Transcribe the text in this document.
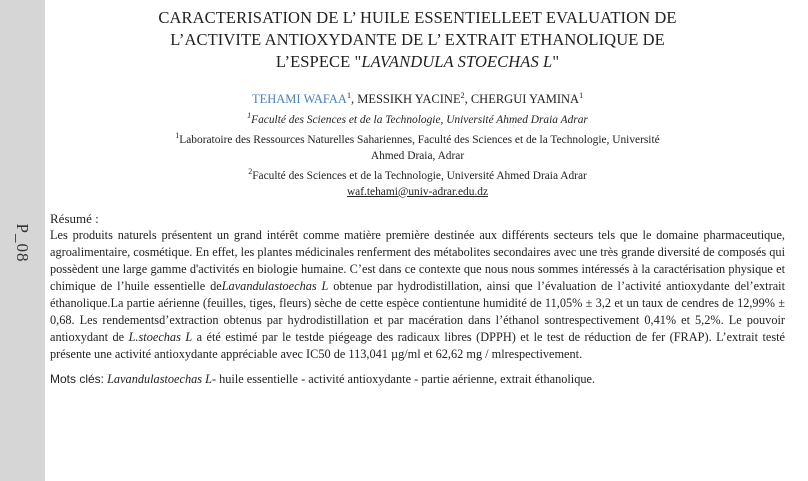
P_08
CARACTERISATION DE L’ HUILE ESSENTIELLEET EVALUATION DE
L’ACTIVITE ANTIOXYDANTE DE L’ EXTRAIT ETHANOLIQUE DE
L’ESPECE "LAVANDULA STOECHAS L"
TEHAMI WAFAA$^1$, MESSIKH YACINE$^2$, CHERGUI YAMINA$^1$
$^1$Faculté des Sciences et de la Technologie, Université Ahmed Draia Adrar
$^1$Laboratoire des Ressources Naturelles Sahariennes, Faculté des Sciences et de la Technologie, Université
Ahmed Draia, Adrar
$^2$Faculté des Sciences et de la Technologie, Université Ahmed Draia Adrar
waf.tehami@univ-adrar.edu.dz
Résumé :

Les produits naturels présentent un grand intérêt comme matière première destinée aux différents secteurs tels que le domaine pharmaceutique, agroalimentaire, cosmétique. En effet, les plantes médicinales renferment des métabolites secondaires avec une très grande diversité de composés qui possèdent une large gamme d'activités en biologie humaine. C’est dans ce contexte que nous nous sommes intéressés à la caractérisation physique et chimique de l’huile essentielle deLavandulastoechas L obtenue par hydrodistillation, ainsi que l’évaluation de l’activité antioxydante del’extrait éthanolique.La partie aérienne (feuilles, tiges, fleurs) sèche de cette espèce contientune humidité de 11,05% ± 3,2 et un taux de cendres de 12,99% ± 0,68. Les rendementsd’extraction obtenus par hydrodistillation et par macération dans l’éthanol sontrespectivement 0,41% et 5,2%. Le pouvoir antioxydant de L.stoechas L a été estimé par le testde piégeage des radicaux libres (DPPH) et le test de réduction de fer (FRAP). L’extrait testé présente une activité antioxydante appréciable avec IC50 de 113,041 µg/ml et 62,62 mg / mlrespectivement.

Mots clés: Lavandulastoechas L- huile essentielle - activité antioxydante - partie aérienne, extrait éthanolique.
